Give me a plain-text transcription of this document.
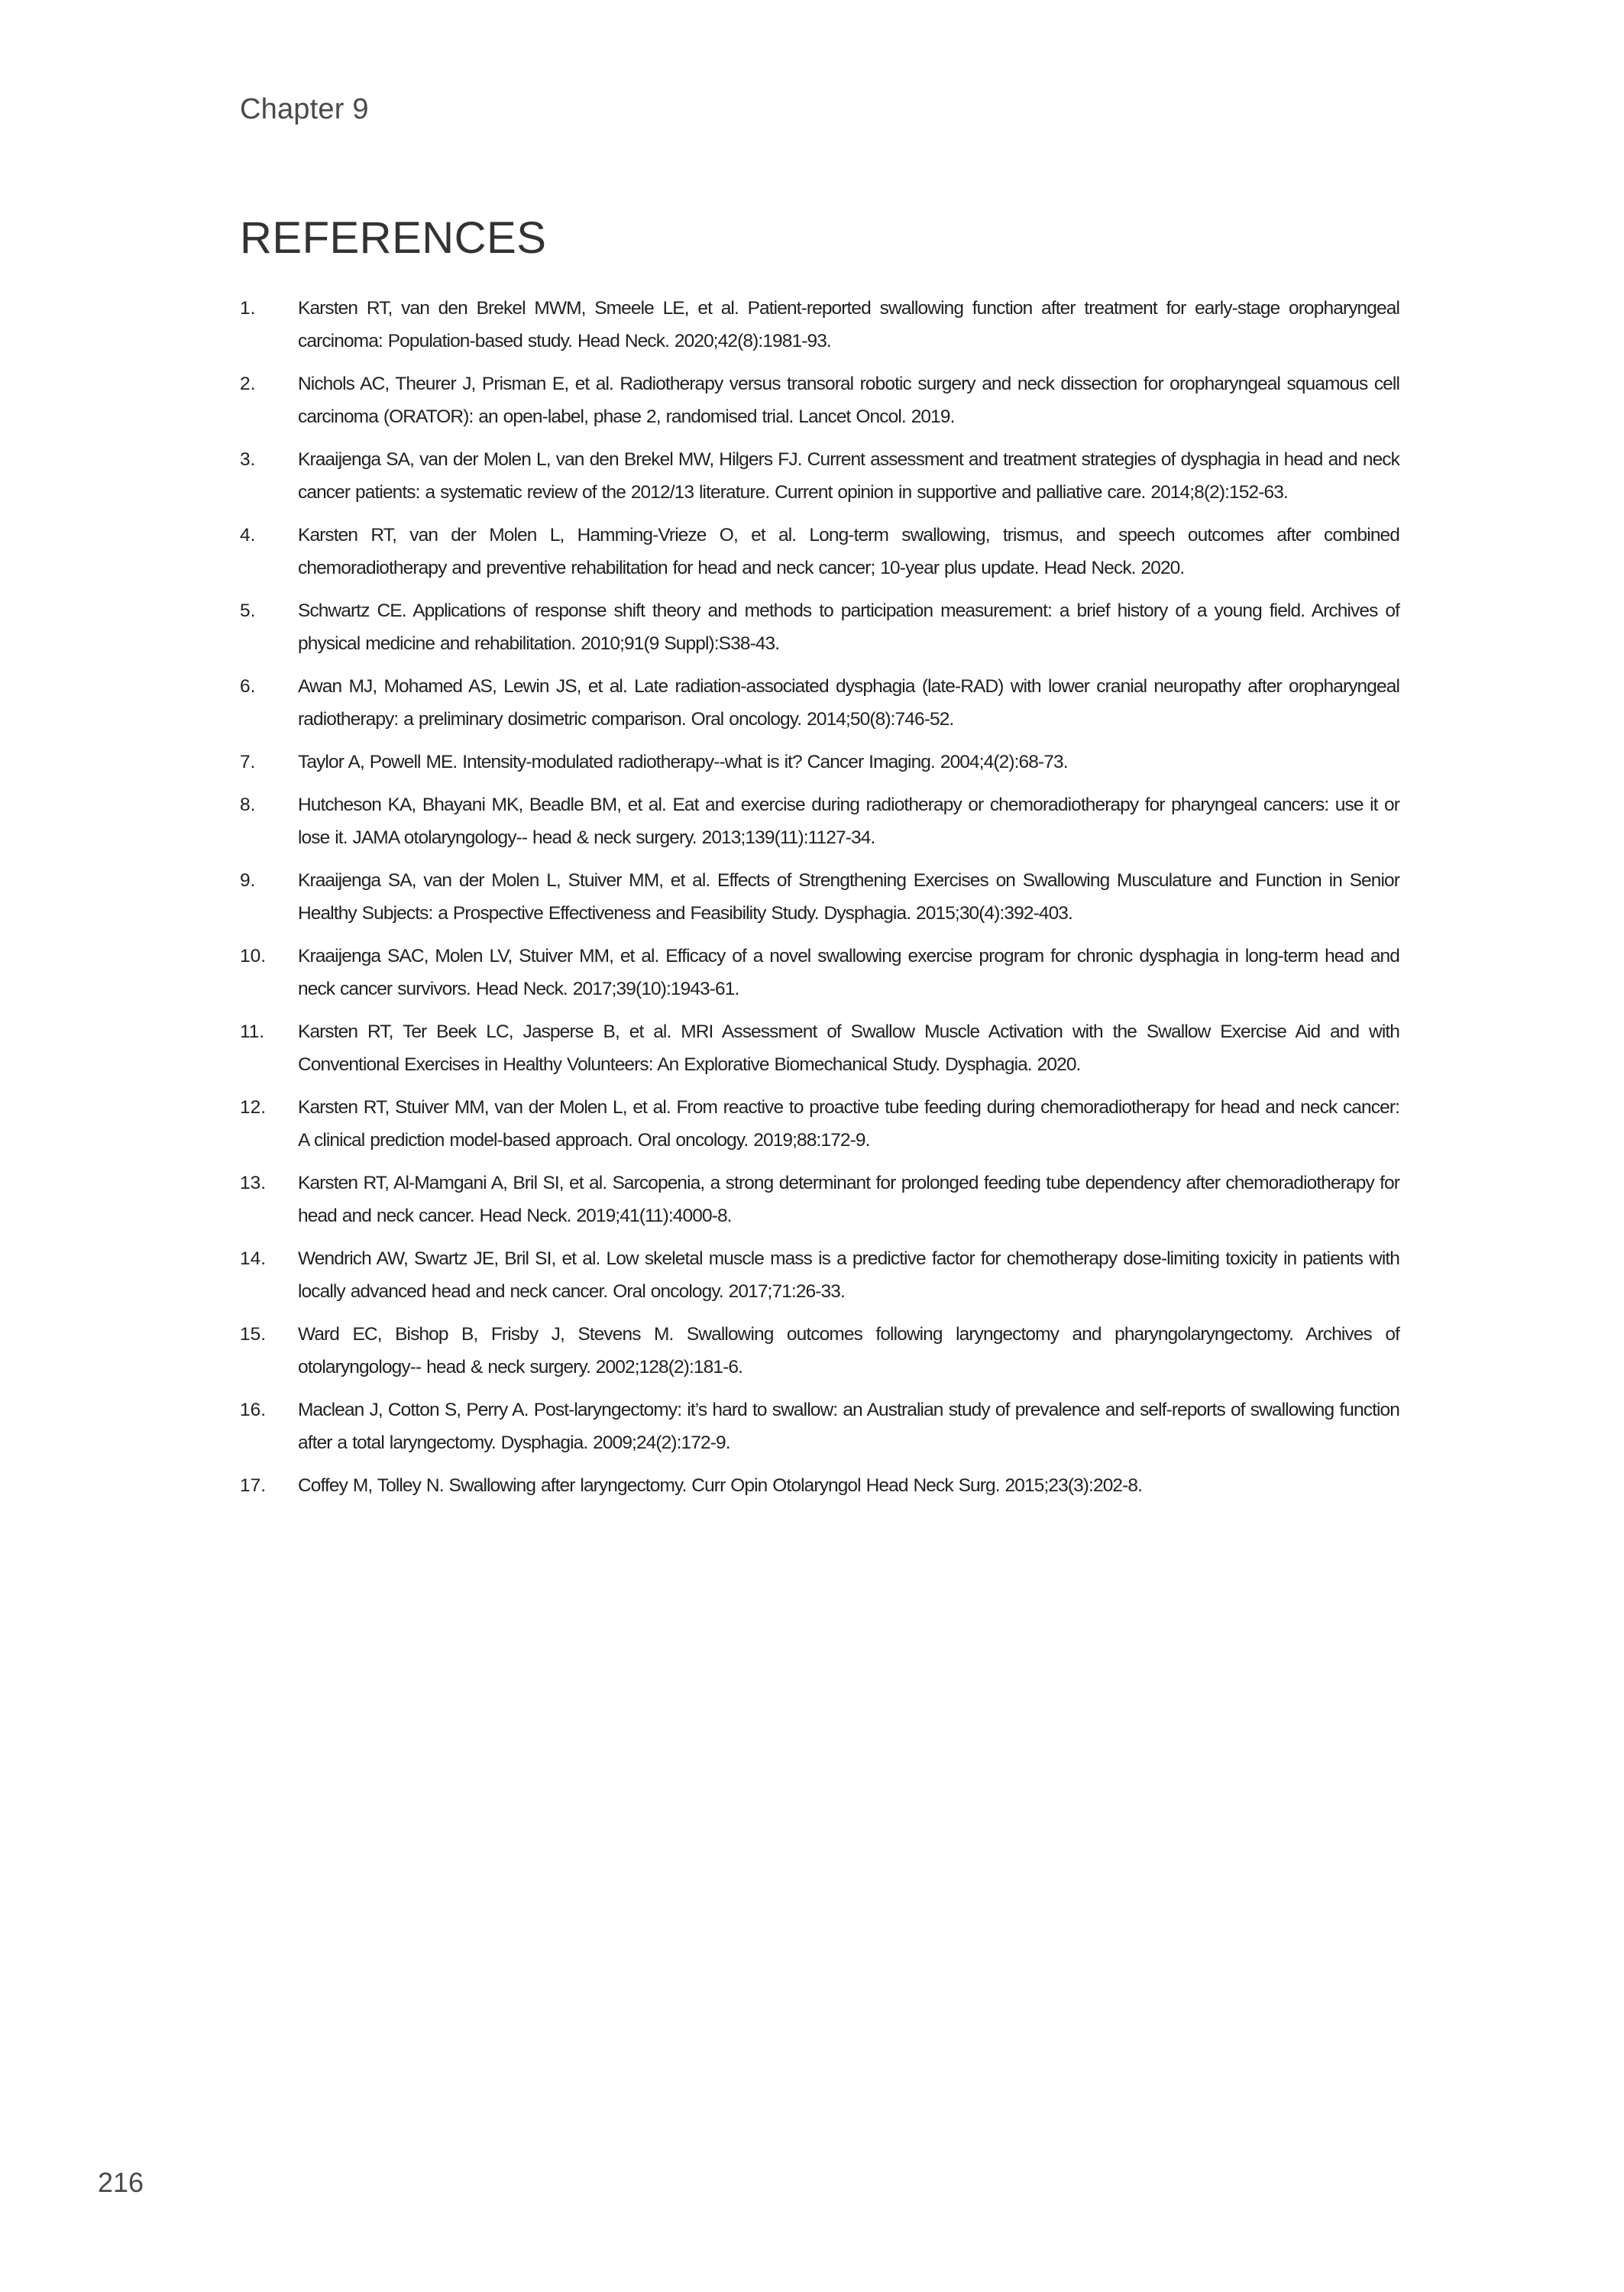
Chapter 9
REFERENCES
1. Karsten RT, van den Brekel MWM, Smeele LE, et al. Patient-reported swallowing function after treatment for early-stage oropharyngeal carcinoma: Population-based study. Head Neck. 2020;42(8):1981-93.
2. Nichols AC, Theurer J, Prisman E, et al. Radiotherapy versus transoral robotic surgery and neck dissection for oropharyngeal squamous cell carcinoma (ORATOR): an open-label, phase 2, randomised trial. Lancet Oncol. 2019.
3. Kraaijenga SA, van der Molen L, van den Brekel MW, Hilgers FJ. Current assessment and treatment strategies of dysphagia in head and neck cancer patients: a systematic review of the 2012/13 literature. Current opinion in supportive and palliative care. 2014;8(2):152-63.
4. Karsten RT, van der Molen L, Hamming-Vrieze O, et al. Long-term swallowing, trismus, and speech outcomes after combined chemoradiotherapy and preventive rehabilitation for head and neck cancer; 10-year plus update. Head Neck. 2020.
5. Schwartz CE. Applications of response shift theory and methods to participation measurement: a brief history of a young field. Archives of physical medicine and rehabilitation. 2010;91(9 Suppl):S38-43.
6. Awan MJ, Mohamed AS, Lewin JS, et al. Late radiation-associated dysphagia (late-RAD) with lower cranial neuropathy after oropharyngeal radiotherapy: a preliminary dosimetric comparison. Oral oncology. 2014;50(8):746-52.
7. Taylor A, Powell ME. Intensity-modulated radiotherapy--what is it? Cancer Imaging. 2004;4(2):68-73.
8. Hutcheson KA, Bhayani MK, Beadle BM, et al. Eat and exercise during radiotherapy or chemoradiotherapy for pharyngeal cancers: use it or lose it. JAMA otolaryngology-- head & neck surgery. 2013;139(11):1127-34.
9. Kraaijenga SA, van der Molen L, Stuiver MM, et al. Effects of Strengthening Exercises on Swallowing Musculature and Function in Senior Healthy Subjects: a Prospective Effectiveness and Feasibility Study. Dysphagia. 2015;30(4):392-403.
10. Kraaijenga SAC, Molen LV, Stuiver MM, et al. Efficacy of a novel swallowing exercise program for chronic dysphagia in long-term head and neck cancer survivors. Head Neck. 2017;39(10):1943-61.
11. Karsten RT, Ter Beek LC, Jasperse B, et al. MRI Assessment of Swallow Muscle Activation with the Swallow Exercise Aid and with Conventional Exercises in Healthy Volunteers: An Explorative Biomechanical Study. Dysphagia. 2020.
12. Karsten RT, Stuiver MM, van der Molen L, et al. From reactive to proactive tube feeding during chemoradiotherapy for head and neck cancer: A clinical prediction model-based approach. Oral oncology. 2019;88:172-9.
13. Karsten RT, Al-Mamgani A, Bril SI, et al. Sarcopenia, a strong determinant for prolonged feeding tube dependency after chemoradiotherapy for head and neck cancer. Head Neck. 2019;41(11):4000-8.
14. Wendrich AW, Swartz JE, Bril SI, et al. Low skeletal muscle mass is a predictive factor for chemotherapy dose-limiting toxicity in patients with locally advanced head and neck cancer. Oral oncology. 2017;71:26-33.
15. Ward EC, Bishop B, Frisby J, Stevens M. Swallowing outcomes following laryngectomy and pharyngolaryngectomy. Archives of otolaryngology-- head & neck surgery. 2002;128(2):181-6.
16. Maclean J, Cotton S, Perry A. Post-laryngectomy: it’s hard to swallow: an Australian study of prevalence and self-reports of swallowing function after a total laryngectomy. Dysphagia. 2009;24(2):172-9.
17. Coffey M, Tolley N. Swallowing after laryngectomy. Curr Opin Otolaryngol Head Neck Surg. 2015;23(3):202-8.
216
